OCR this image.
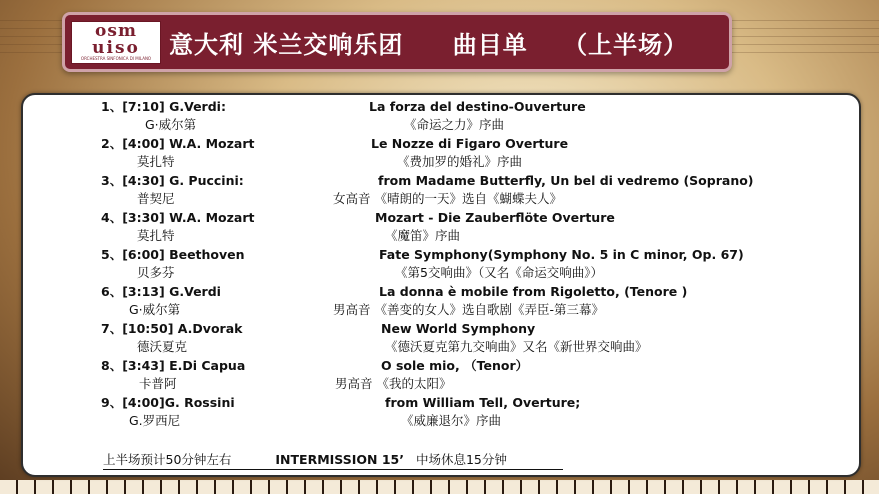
osm
uiso
ORCHESTRA SINFONICA DI MILANO 意大利 米兰交响乐团 曲目单 （上半场）
1、[7:10] G.Verdi:	La forza del destino-Ouverture
G·威尔第	《命运之力》序曲
2、[4:00] W.A. Mozart	Le Nozze di Figaro Overture
莫扎特	《费加罗的婚礼》序曲
3、[4:30] G. Puccini:	from Madame Butterfly, Un bel di vedremo (Soprano)
普契尼	女高音 《晴朗的一天》选自《蝴蝶夫人》
4、[3:30] W.A. Mozart	Mozart - Die Zauberflöte Overture
莫扎特	《魔笛》序曲
5、[6:00] Beethoven	Fate Symphony(Symphony No. 5 in C minor, Op. 67)
贝多芬	《第5交响曲》（又名《命运交响曲》）
6、[3:13] G.Verdi	La donna è mobile from Rigoletto, (Tenore )
G·威尔第	男高音 《善变的女人》选自歌剧《弄臣-第三幕》
7、[10:50] A.Dvorak	New World Symphony
德沃夏克	《德沃夏克第九交响曲》又名《新世界交响曲》
8、[3:43] E.Di Capua	O sole mio, （Tenor）
卡普阿	男高音 《我的太阳》
9、[4:00]G. Rossini	from William Tell, Overture;
G.罗西尼	《威廉退尔》序曲
上半场预计50分钟左右	INTERMISSION 15’ 中场休息15分钟
